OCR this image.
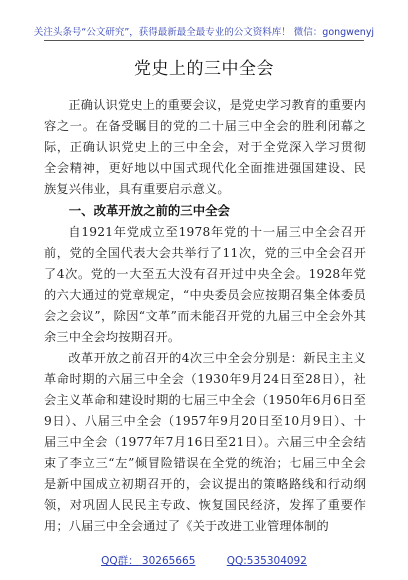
关注头条号“公文研究”，获得最新最全最专业的公文资料库！ 微信：gongwenyj
党史上的三中全会

正确认识党史上的重要会议，是党史学习教育的重要内容之一。在备受瞩目的党的二十届三中全会的胜利闭幕之际，正确认识党史上的三中全会，对于全党深入学习贯彻全会精神，更好地以中国式现代化全面推进强国建设、民族复兴伟业，具有重要启示意义。

一、改革开放之前的三中全会

自1921年党成立至1978年党的十一届三中全会召开前，党的全国代表大会共举行了11次，党的三中全会召开了4次。党的一大至五大没有召开过中央全会。1928年党的六大通过的党章规定，“中央委员会应按期召集全体委员会之会议”，除因“文革”而未能召开党的九届三中全会外其余三中全会均按期召开。

改革开放之前召开的4次三中全会分别是：新民主主义革命时期的六届三中全会（1930年9月24日至28日），社会主义革命和建设时期的七届三中全会（1950年6月6日至9日）、八届三中全会（1957年9月20日至10月9日）、十届三中全会（1977年7月16日至21日）。六届三中全会结束了李立三“左”倾冒险错误在全党的统治；七届三中全会是新中国成立初期召开的，会议提出的策略路线和行动纲领，对巩固人民民主专政、恢复国民经济，发挥了重要作用；八届三中全会通过了《关于改进工业管理体制的

QQ群： 30265665	QQ:535304092
